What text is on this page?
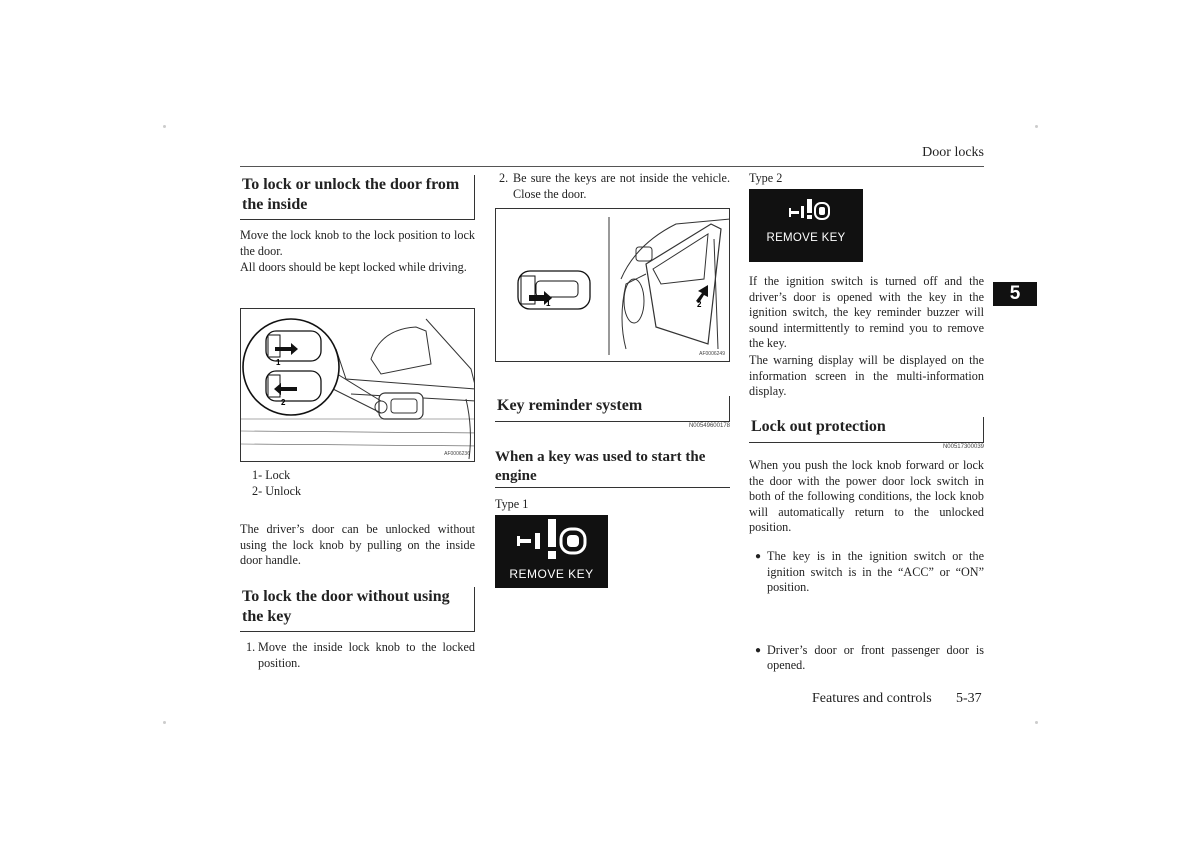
Door locks
5
To lock or unlock the door from the inside
Move the lock knob to the lock position to lock the door.
All doors should be kept locked while driving.
1
2
AF0006236
1- Lock
2- Unlock
The driver’s door can be unlocked without using the lock knob by pulling on the inside door handle.
To lock the door without using the key
1. Move the inside lock knob to the locked position.
2. Be sure the keys are not inside the vehicle. Close the door.
1	2
AF0006249
Key reminder system
N00549600178
When a key was used to start the engine
Type 1
REMOVE KEY
Type 2
REMOVE KEY
If the ignition switch is turned off and the driver’s door is opened with the key in the ignition switch, the key reminder buzzer will sound intermittently to remind you to remove the key.
The warning display will be displayed on the information screen in the multi-information display.
Lock out protection
N00517300039
When you push the lock knob forward or lock the door with the power door lock switch in both of the following conditions, the lock knob will automatically return to the unlocked position.
● The key is in the ignition switch or the ignition switch is in the “ACC” or “ON” position.
● Driver’s door or front passenger door is opened.
Features and controls 5-37
